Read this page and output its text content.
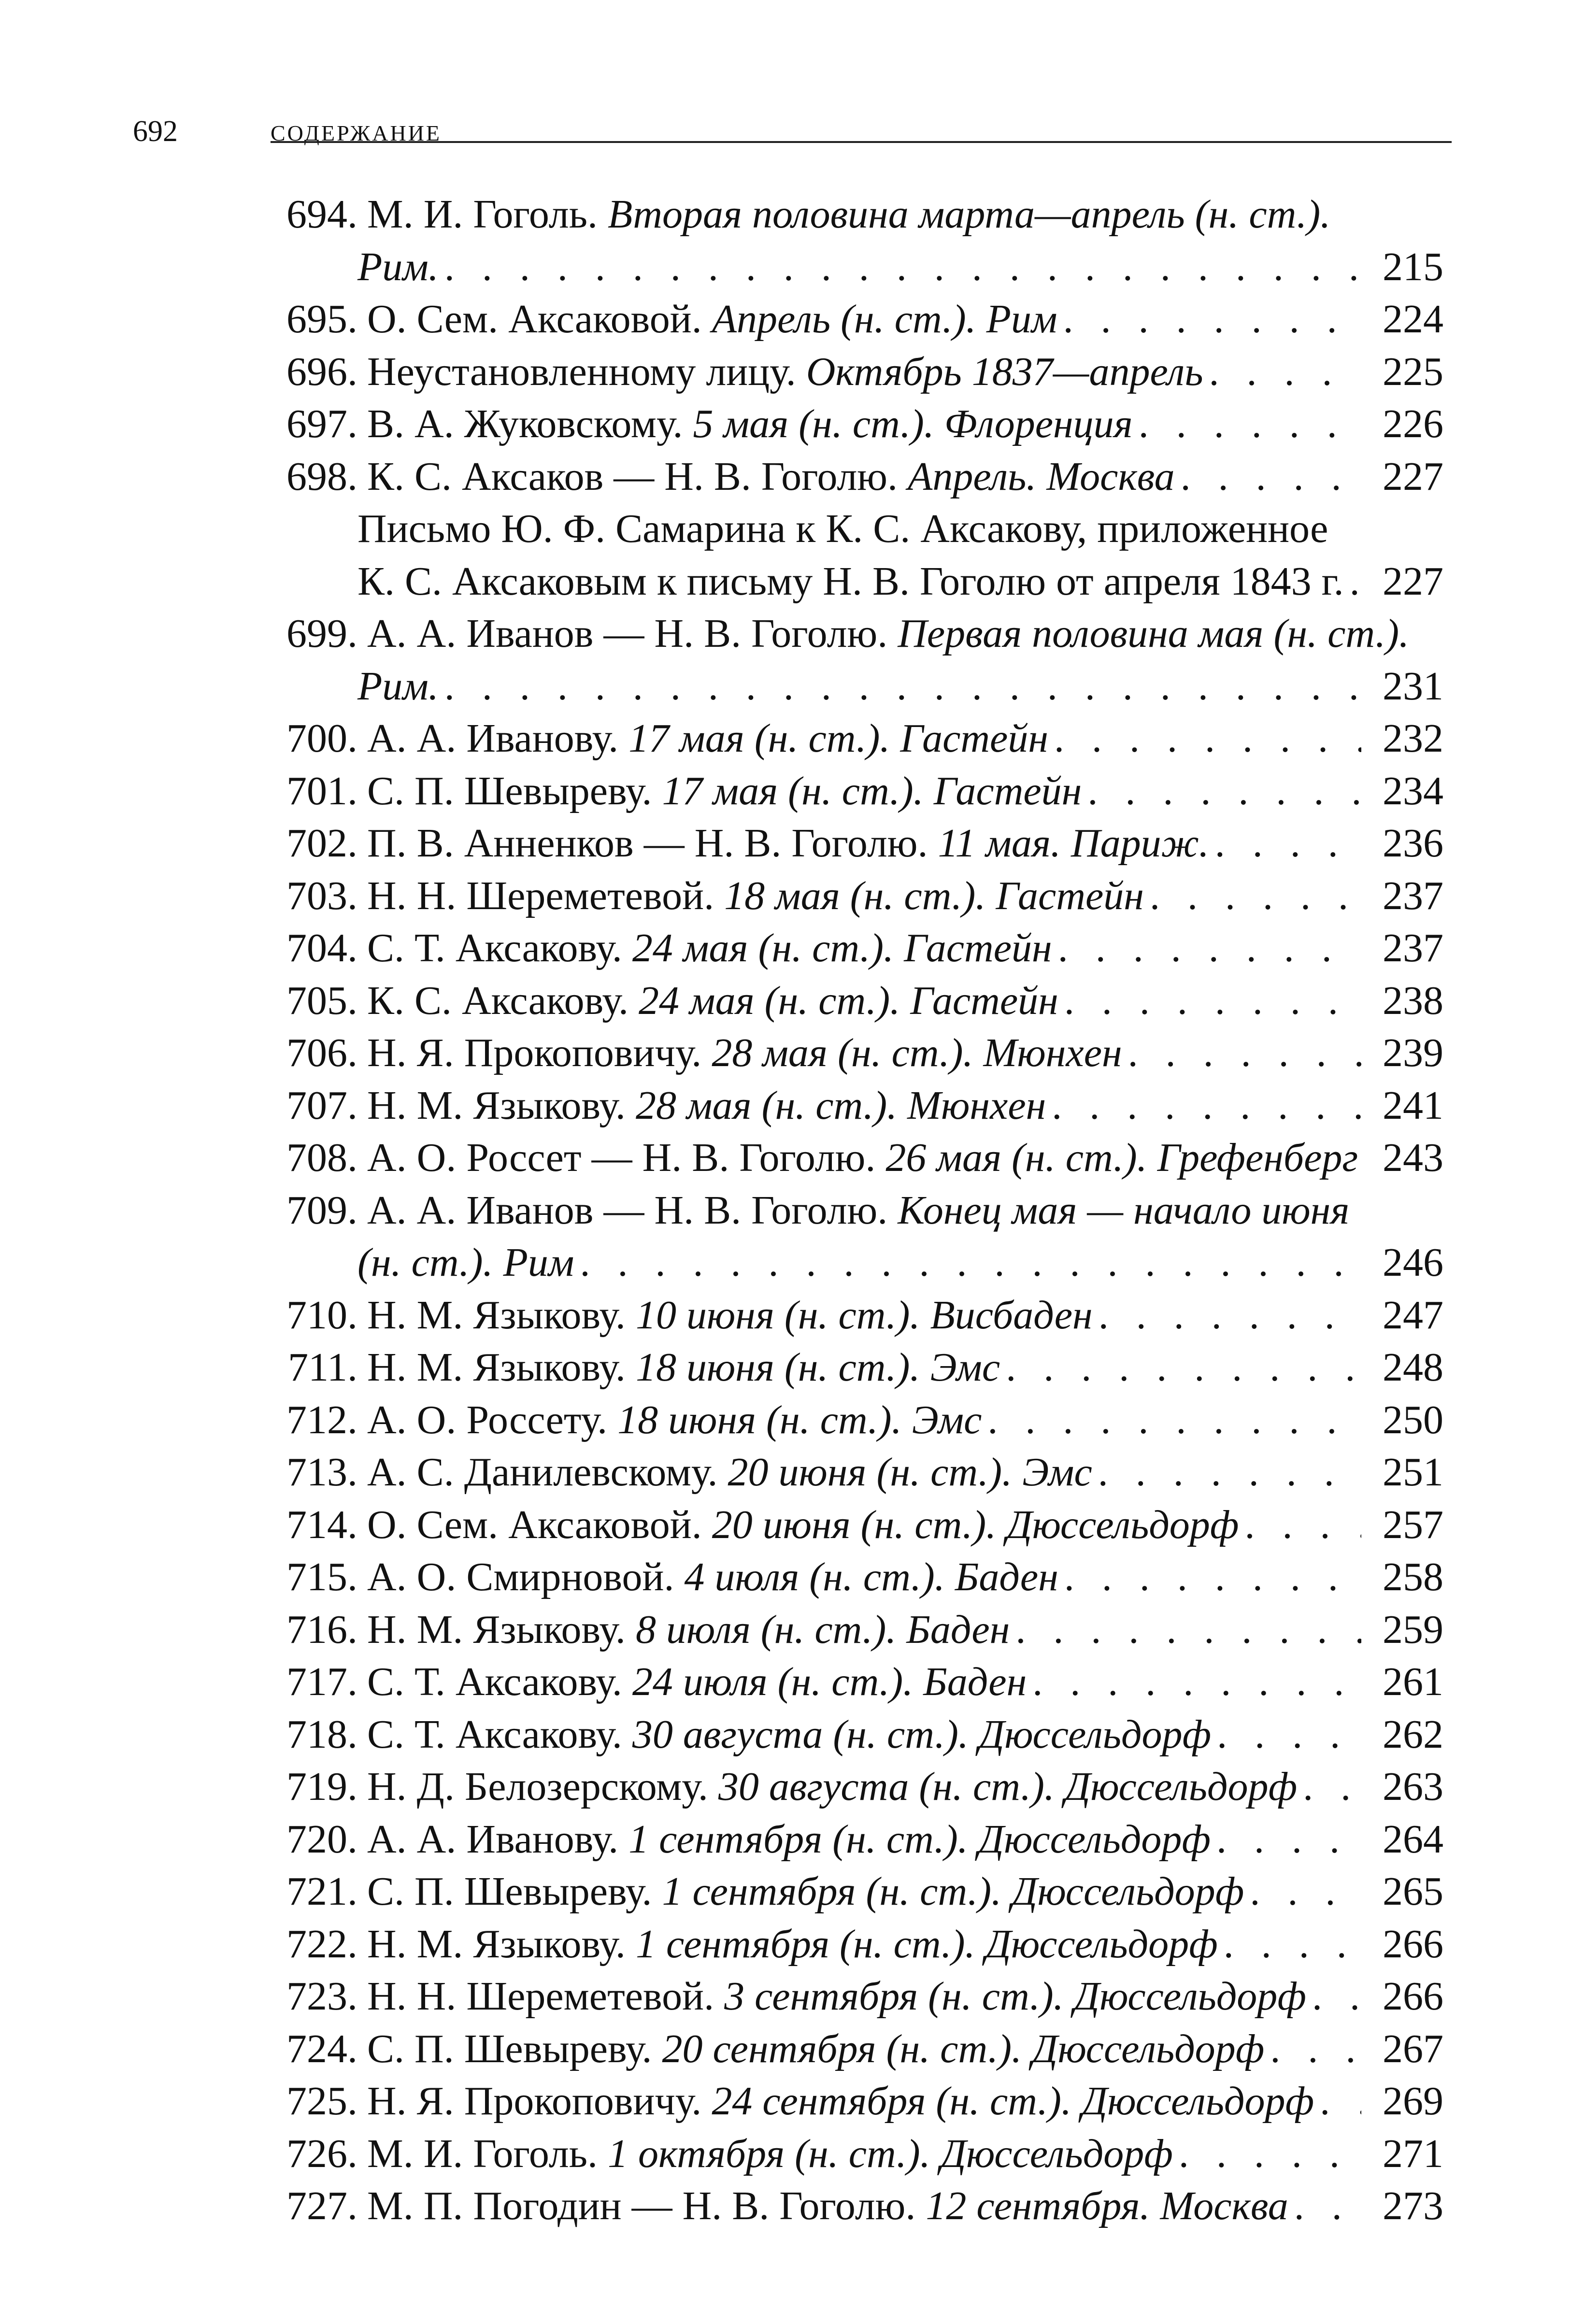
692	СОДЕРЖАНИЕ
694. М. И. Гоголь. Вторая половина марта—апрель (н. ст.).
Рим. . . .	215
695. О. Сем. Аксаковой. Апрель (н. ст.). Рим . . .	224
696. Неустановленному лицу. Октябрь 1837—апрель . . .	225
697. В. А. Жуковскому. 5 мая (н. ст.). Флоренция . . .	226
698. К. С. Аксаков — Н. В. Гоголю. Апрель. Москва . . .	227
Письмо Ю. Ф. Самарина к К. С. Аксакову, приложенное
К. С. Аксаковым к письму Н. В. Гоголю от апреля 1843 г. . . . 227
699. А. А. Иванов — Н. В. Гоголю. Первая половина мая (н. ст.).
Рим. . . .	231
700. А. А. Иванову. 17 мая (н. ст.). Гастейн . . .	232
701. С. П. Шевыреву. 17 мая (н. ст.). Гастейн . . .	234
702. П. В. Анненков — Н. В. Гоголю. 11 мая. Париж. . . .	236
703. Н. Н. Шереметевой. 18 мая (н. ст.). Гастейн . . .	237
704. С. Т. Аксакову. 24 мая (н. ст.). Гастейн . . .	237
705. К. С. Аксакову. 24 мая (н. ст.). Гастейн . . .	238
706. Н. Я. Прокоповичу. 28 мая (н. ст.). Мюнхен . . .	239
707. Н. М. Языкову. 28 мая (н. ст.). Мюнхен . . .	241
708. А. О. Россет — Н. В. Гоголю. 26 мая (н. ст.). Грефенберг . . . 243
709. А. А. Иванов — Н. В. Гоголю. Конец мая — начало июня
(н. ст.). Рим . . .	246
710. Н. М. Языкову. 10 июня (н. ст.). Висбаден . . .	247
711. Н. М. Языкову. 18 июня (н. ст.). Эмс . . .	248
712. А. О. Россету. 18 июня (н. ст.). Эмс . . .	250
713. А. С. Данилевскому. 20 июня (н. ст.). Эмс . . .	251
714. О. Сем. Аксаковой. 20 июня (н. ст.). Дюссельдорф . . .	257
715. А. О. Смирновой. 4 июля (н. ст.). Баден . . .	258
716. Н. М. Языкову. 8 июля (н. ст.). Баден . . .	259
717. С. Т. Аксакову. 24 июля (н. ст.). Баден . . .	261
718. С. Т. Аксакову. 30 августа (н. ст.). Дюссельдорф . . .	262
719. Н. Д. Белозерскому. 30 августа (н. ст.). Дюссельдорф . . . 263
720. А. А. Иванову. 1 сентября (н. ст.). Дюссельдорф . . .	264
721. С. П. Шевыреву. 1 сентября (н. ст.). Дюссельдорф . . .	265
722. Н. М. Языкову. 1 сентября (н. ст.). Дюссельдорф . . .	266
723. Н. Н. Шереметевой. 3 сентября (н. ст.). Дюссельдорф . . . 266
724. С. П. Шевыреву. 20 сентября (н. ст.). Дюссельдорф . . .	267
725. Н. Я. Прокоповичу. 24 сентября (н. ст.). Дюссельдорф . . . 269
726. М. И. Гоголь. 1 октября (н. ст.). Дюссельдорф . . .	271
727. М. П. Погодин — Н. В. Гоголю. 12 сентября. Москва . . . 273
